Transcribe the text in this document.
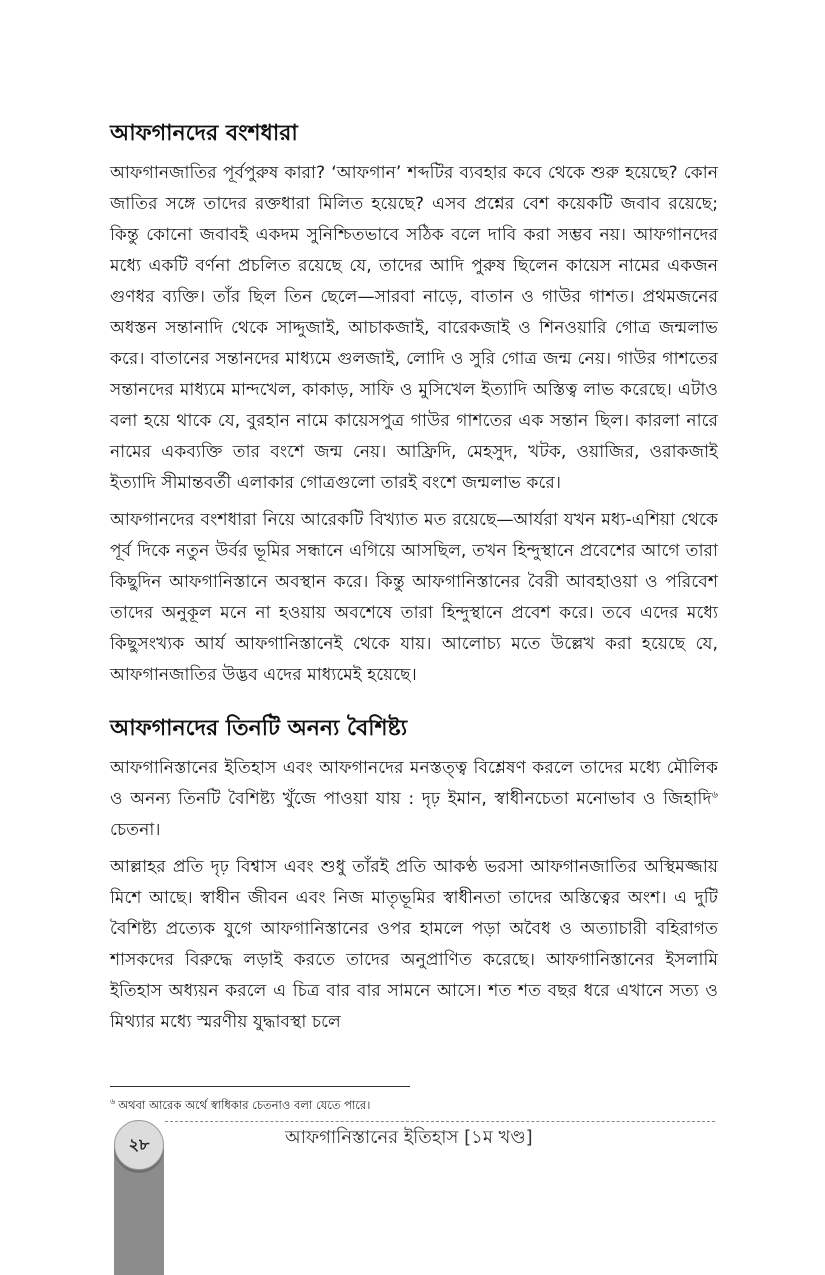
আফগানদের বংশধারা

আফগানজাতির পূর্বপুরুষ কারা? ‘আফগান’ শব্দটির ব্যবহার কবে থেকে শুরু হয়েছে? কোন জাতির সঙ্গে তাদের রক্তধারা মিলিত হয়েছে? এসব প্রশ্নের বেশ কয়েকটি জবাব রয়েছে; কিন্তু কোনো জবাবই একদম সুনিশ্চিতভাবে সঠিক বলে দাবি করা সম্ভব নয়। আফগানদের মধ্যে একটি বর্ণনা প্রচলিত রয়েছে যে, তাদের আদি পুরুষ ছিলেন কায়েস নামের একজন গুণধর ব্যক্তি। তাঁর ছিল তিন ছেলে—সারবা নাড়ে, বাতান ও গাউর গাশত। প্রথমজনের অধস্তন সন্তানাদি থেকে সাদ্দুজাই, আচাকজাই, বারেকজাই ও শিনওয়ারি গোত্র জন্মলাভ করে। বাতানের সন্তানদের মাধ্যমে গুলজাই, লোদি ও সুরি গোত্র জন্ম নেয়। গাউর গাশতের সন্তানদের মাধ্যমে মান্দখেল, কাকাড়, সাফি ও মুসিখেল ইত্যাদি অস্তিত্ব লাভ করেছে। এটাও বলা হয়ে থাকে যে, বুরহান নামে কায়েসপুত্র গাউর গাশতের এক সন্তান ছিল। কারলা নারে নামের একব্যক্তি তার বংশে জন্ম নেয়। আফ্রিদি, মেহসুদ, খটক, ওয়াজির, ওরাকজাই ইত্যাদি সীমান্তবর্তী এলাকার গোত্রগুলো তারই বংশে জন্মলাভ করে।

আফগানদের বংশধারা নিয়ে আরেকটি বিখ্যাত মত রয়েছে—আর্যরা যখন মধ্য-এশিয়া থেকে পূর্ব দিকে নতুন উর্বর ভূমির সন্ধানে এগিয়ে আসছিল, তখন হিন্দুস্থানে প্রবেশের আগে তারা কিছুদিন আফগানিস্তানে অবস্থান করে। কিন্তু আফগানিস্তানের বৈরী আবহাওয়া ও পরিবেশ তাদের অনুকূল মনে না হওয়ায় অবশেষে তারা হিন্দুস্থানে প্রবেশ করে। তবে এদের মধ্যে কিছুসংখ্যক আর্য আফগানিস্তানেই থেকে যায়। আলোচ্য মতে উল্লেখ করা হয়েছে যে, আফগানজাতির উদ্ভব এদের মাধ্যমেই হয়েছে।

আফগানদের তিনটি অনন্য বৈশিষ্ট্য

আফগানিস্তানের ইতিহাস এবং আফগানদের মনস্তত্ত্ব বিশ্লেষণ করলে তাদের মধ্যে মৌলিক ও অনন্য তিনটি বৈশিষ্ট্য খুঁজে পাওয়া যায় : দৃঢ় ইমান, স্বাধীনচেতা মনোভাব ও জিহাদি$^৬$ চেতনা।

আল্লাহর প্রতি দৃঢ় বিশ্বাস এবং শুধু তাঁরই প্রতি আকণ্ঠ ভরসা আফগানজাতির অস্থিমজ্জায় মিশে আছে। স্বাধীন জীবন এবং নিজ মাতৃভূমির স্বাধীনতা তাদের অস্তিত্বের অংশ। এ দুটি বৈশিষ্ট্য প্রত্যেক যুগে আফগানিস্তানের ওপর হামলে পড়া অবৈধ ও অত্যাচারী বহিরাগত শাসকদের বিরুদ্ধে লড়াই করতে তাদের অনুপ্রাণিত করেছে। আফগানিস্তানের ইসলামি ইতিহাস অধ্যয়ন করলে এ চিত্র বার বার সামনে আসে। শত শত বছর ধরে এখানে সত্য ও মিথ্যার মধ্যে স্মরণীয় যুদ্ধাবস্থা চলে

$^৬$ অথবা আরেক অর্থে স্বাধিকার চেতনাও বলা যেতে পারে।
২৮	আফগানিস্তানের ইতিহাস [১ম খণ্ড]
